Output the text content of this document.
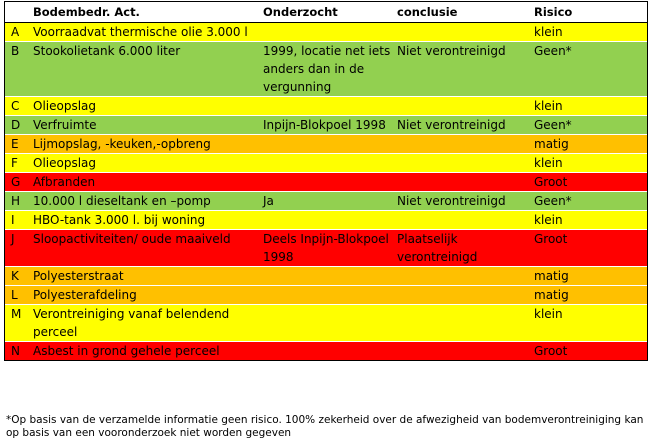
	Bodembedr. Act.	Onderzocht	conclusie	Risico
A	Voorraadvat thermische olie 3.000 l			klein
B	Stookolietank 6.000 liter	1999, locatie net iets anders dan in de vergunning	Niet verontreinigd	Geen*
C	Olieopslag			klein
D	Verfruimte	Inpijn-Blokpoel 1998	Niet verontreinigd	Geen*
E	Lijmopslag, -keuken,-opbreng			matig
F	Olieopslag			klein
G	Afbranden			Groot
H	10.000 l dieseltank en –pomp	Ja	Niet verontreinigd	Geen*
I	HBO-tank 3.000 l. bij woning			klein
J	Sloopactiviteiten/ oude maaiveld	Deels Inpijn-Blokpoel 1998	Plaatselijk verontreinigd	Groot
K	Polyesterstraat			matig
L	Polyesterafdeling			matig
M	Verontreiniging vanaf belendend perceel			klein
N	Asbest in grond gehele perceel			Groot
*Op basis van de verzamelde informatie geen risico. 100% zekerheid over de afwezigheid van bodemverontreiniging kan op basis van een vooronderzoek niet worden gegeven
